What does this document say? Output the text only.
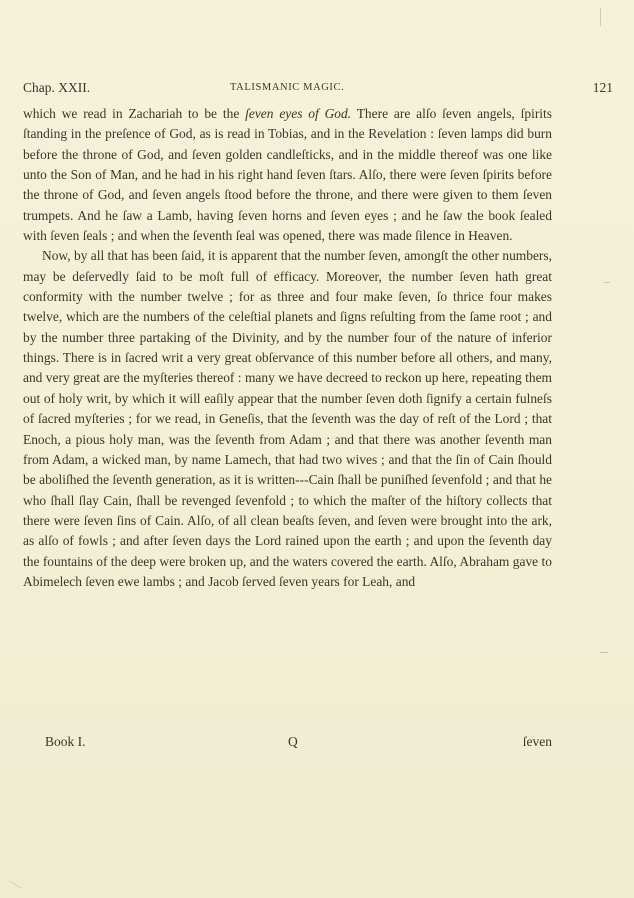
Chap. XXII.	TALISMANIC MAGIC.	121

which we read in Zachariah to be the ſeven eyes of God. There are alſo ſeven angels, ſpirits ſtanding in the preſence of God, as is read in Tobias, and in the Revelation : ſeven lamps did burn before the throne of God, and ſeven golden candleſticks, and in the middle thereof was one like unto the Son of Man, and he had in his right hand ſeven ſtars. Alſo, there were ſeven ſpirits before the throne of God, and ſeven angels ſtood before the throne, and there were given to them ſeven trumpets. And he ſaw a Lamb, having ſeven horns and ſeven eyes ; and he ſaw the book ſealed with ſeven ſeals ; and when the ſeventh ſeal was opened, there was made ſilence in Heaven.

Now, by all that has been ſaid, it is apparent that the number ſeven, amongſt the other numbers, may be deſervedly ſaid to be moſt full of efficacy. Moreover, the number ſeven hath great conformity with the number twelve ; for as three and four make ſeven, ſo thrice four makes twelve, which are the numbers of the celeſtial planets and ſigns reſulting from the ſame root ; and by the number three partaking of the Divinity, and by the number four of the nature of inferior things. There is in ſacred writ a very great obſervance of this number before all others, and many, and very great are the myſteries thereof : many we have decreed to reckon up here, repeating them out of holy writ, by which it will eaſily appear that the number ſeven doth ſignify a certain fulneſs of ſacred myſteries ; for we read, in Geneſis, that the ſeventh was the day of reſt of the Lord ; that Enoch, a pious holy man, was the ſeventh from Adam ; and that there was another ſeventh man from Adam, a wicked man, by name Lamech, that had two wives ; and that the ſin of Cain ſhould be aboliſhed the ſeventh generation, as it is written---Cain ſhall be puniſhed ſevenfold ; and that he who ſhall ſlay Cain, ſhall be revenged ſevenfold ; to which the maſter of the hiſtory collects that there were ſeven ſins of Cain. Alſo, of all clean beaſts ſeven, and ſeven were brought into the ark, as alſo of fowls ; and after ſeven days the Lord rained upon the earth ; and upon the ſeventh day the fountains of the deep were broken up, and the waters covered the earth. Alſo, Abraham gave to Abimelech ſeven ewe lambs ; and Jacob ſerved ſeven years for Leah, and

Book I.	Q	ſeven
